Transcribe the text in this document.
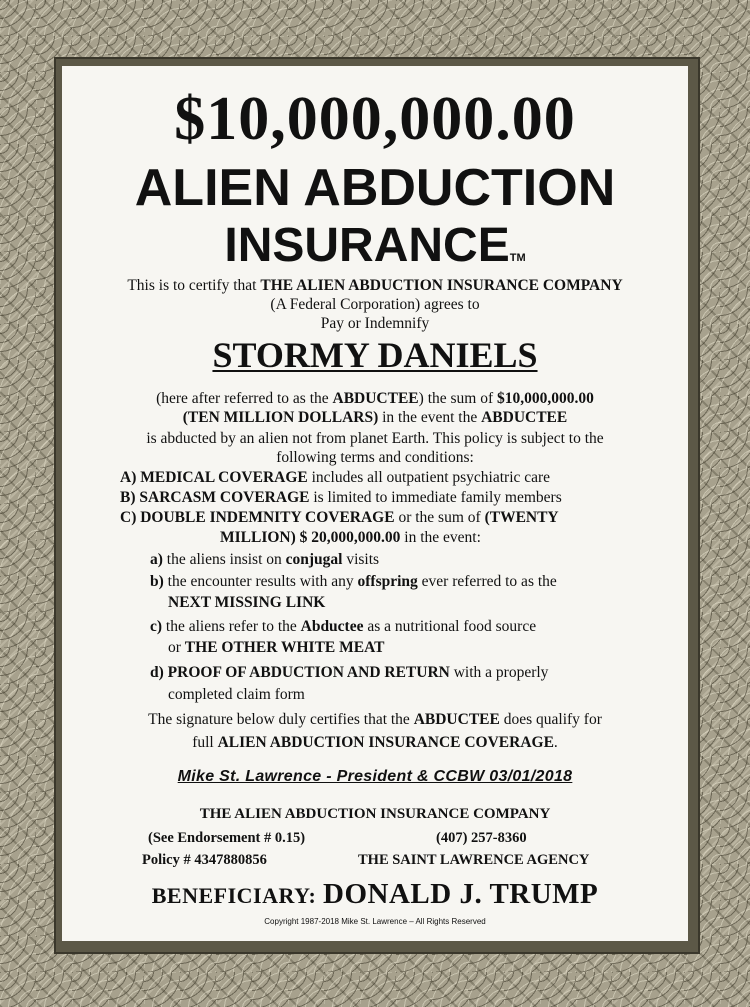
$10,000,000.00
ALIEN ABDUCTION
INSURANCETM
This is to certify that THE ALIEN ABDUCTION INSURANCE COMPANY
(A Federal Corporation) agrees to
Pay or Indemnify
STORMY DANIELS
(here after referred to as the ABDUCTEE) the sum of $10,000,000.00
(TEN MILLION DOLLARS) in the event the ABDUCTEE
is abducted by an alien not from planet Earth. This policy is subject to the
following terms and conditions:
A) MEDICAL COVERAGE includes all outpatient psychiatric care
B) SARCASM COVERAGE is limited to immediate family members
C) DOUBLE INDEMNITY COVERAGE or the sum of (TWENTY
MILLION) $ 20,000,000.00 in the event:
a) the aliens insist on conjugal visits
b) the encounter results with any offspring ever referred to as the
NEXT MISSING LINK
c) the aliens refer to the Abductee as a nutritional food source
or THE OTHER WHITE MEAT
d) PROOF OF ABDUCTION AND RETURN with a properly
completed claim form
The signature below duly certifies that the ABDUCTEE does qualify for
full ALIEN ABDUCTION INSURANCE COVERAGE.
Mike St. Lawrence - President & CCBW 03/01/2018
THE ALIEN ABDUCTION INSURANCE COMPANY
(See Endorsement # 0.15)	(407) 257-8360
Policy # 4347880856	THE SAINT LAWRENCE AGENCY
BENEFICIARY: DONALD J. TRUMP
Copyright 1987-2018 Mike St. Lawrence – All Rights Reserved
